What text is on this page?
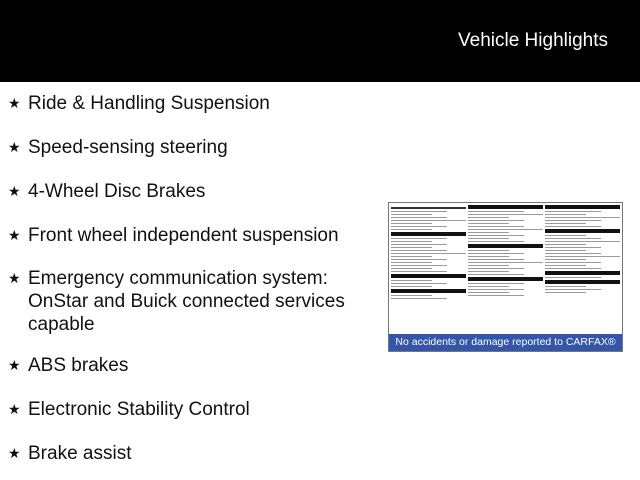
Vehicle Highlights
★ Ride & Handling Suspension
★ Speed-sensing steering
★ 4-Wheel Disc Brakes
★ Front wheel independent suspension
★ Emergency communication system: OnStar and Buick connected services capable
★ ABS brakes
★ Electronic Stability Control
★ Brake assist
No accidents or damage reported to CARFAX®
